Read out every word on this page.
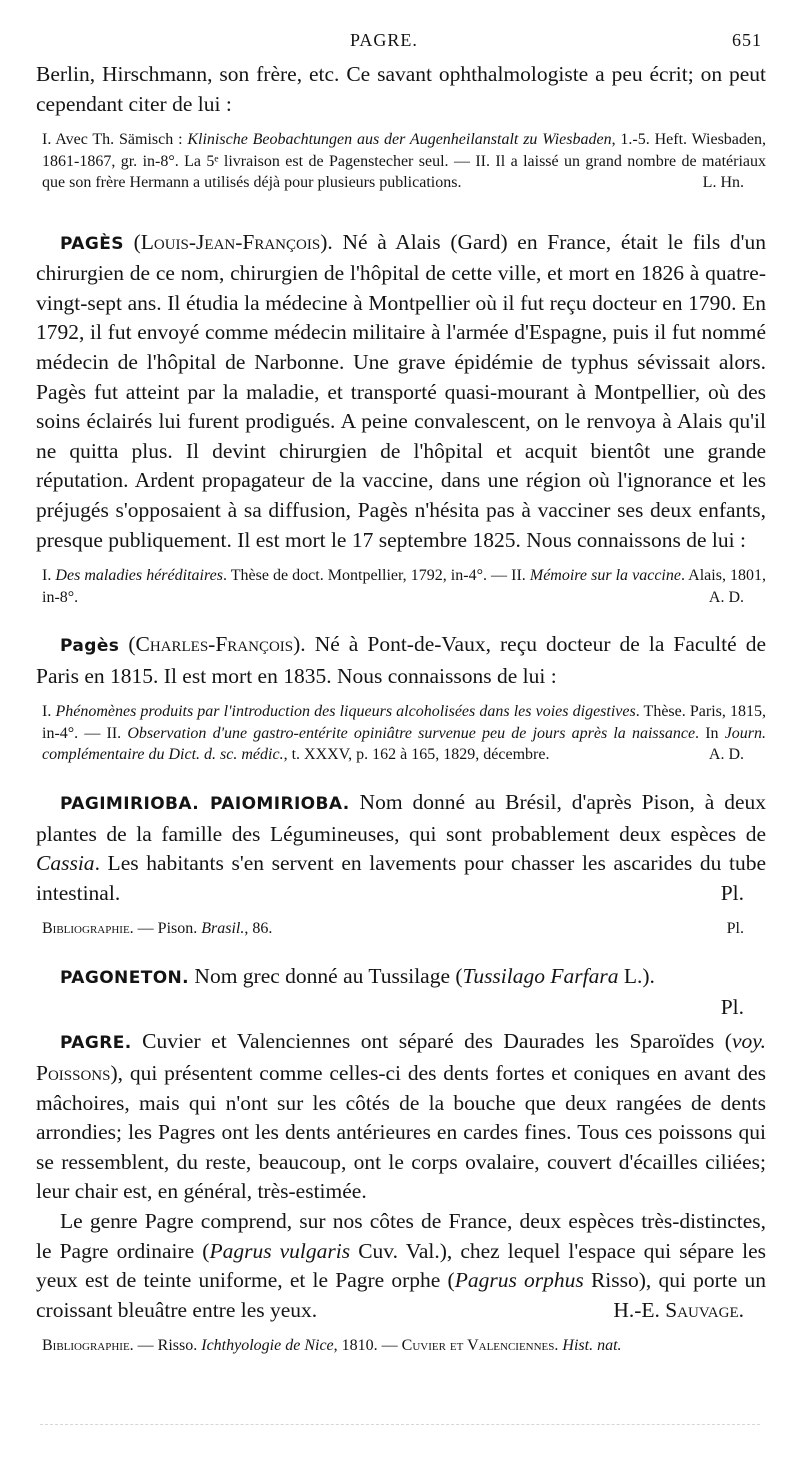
PAGRE.	651

Berlin, Hirschmann, son frère, etc. Ce savant ophthalmologiste a peu écrit; on peut cependant citer de lui :

I. Avec Th. Sämisch : Klinische Beobachtungen aus der Augenheilanstalt zu Wiesbaden, 1.-5. Heft. Wiesbaden, 1861-1867, gr. in-8°. La 5ᵉ livraison est de Pagenstecher seul. — II. Il a laissé un grand nombre de matériaux que son frère Hermann a utilisés déjà pour plusieurs publications.	L. Hn.

PAGÈS (Louis-Jean-François). Né à Alais (Gard) en France, était le fils d'un chirurgien de ce nom, chirurgien de l'hôpital de cette ville, et mort en 1826 à quatre-vingt-sept ans. Il étudia la médecine à Montpellier où il fut reçu docteur en 1790. En 1792, il fut envoyé comme médecin militaire à l'armée d'Espagne, puis il fut nommé médecin de l'hôpital de Narbonne. Une grave épidémie de typhus sévissait alors. Pagès fut atteint par la maladie, et transporté quasi-mourant à Montpellier, où des soins éclairés lui furent prodigués. A peine convalescent, on le renvoya à Alais qu'il ne quitta plus. Il devint chirurgien de l'hôpital et acquit bientôt une grande réputation. Ardent propagateur de la vaccine, dans une région où l'ignorance et les préjugés s'opposaient à sa diffusion, Pagès n'hésita pas à vacciner ses deux enfants, presque publiquement. Il est mort le 17 septembre 1825. Nous connaissons de lui :

I. Des maladies héréditaires. Thèse de doct. Montpellier, 1792, in-4°. — II. Mémoire sur la vaccine. Alais, 1801, in-8°.	A. D.

Pagès (Charles-François). Né à Pont-de-Vaux, reçu docteur de la Faculté de Paris en 1815. Il est mort en 1835. Nous connaissons de lui :

I. Phénomènes produits par l'introduction des liqueurs alcoholisées dans les voies digestives. Thèse. Paris, 1815, in-4°. — II. Observation d'une gastro-entérite opiniâtre survenue peu de jours après la naissance. In Journ. complémentaire du Dict. d. sc. médic., t. XXXV, p. 162 à 165, 1829, décembre.	A. D.

PAGIMIRIOBA. PAIOMIRIOBA. Nom donné au Brésil, d'après Pison, à deux plantes de la famille des Légumineuses, qui sont probablement deux espèces de Cassia. Les habitants s'en servent en lavements pour chasser les ascarides du tube intestinal.	Pl.

Bibliographie. — Pison. Brasil., 86.	Pl.

PAGONETON. Nom grec donné au Tussilage (Tussilago Farfara L.).

Pl.

PAGRE. Cuvier et Valenciennes ont séparé des Daurades les Sparoïdes (voy. Poissons), qui présentent comme celles-ci des dents fortes et coniques en avant des mâchoires, mais qui n'ont sur les côtés de la bouche que deux rangées de dents arrondies; les Pagres ont les dents antérieures en cardes fines. Tous ces poissons qui se ressemblent, du reste, beaucoup, ont le corps ovalaire, couvert d'écailles ciliées; leur chair est, en général, très-estimée.

Le genre Pagre comprend, sur nos côtes de France, deux espèces très-distinctes, le Pagre ordinaire (Pagrus vulgaris Cuv. Val.), chez lequel l'espace qui sépare les yeux est de teinte uniforme, et le Pagre orphe (Pagrus orphus Risso), qui porte un croissant bleuâtre entre les yeux.	H.-E. Sauvage.

Bibliographie. — Risso. Ichthyologie de Nice, 1810. — Cuvier et Valenciennes. Hist. nat.
